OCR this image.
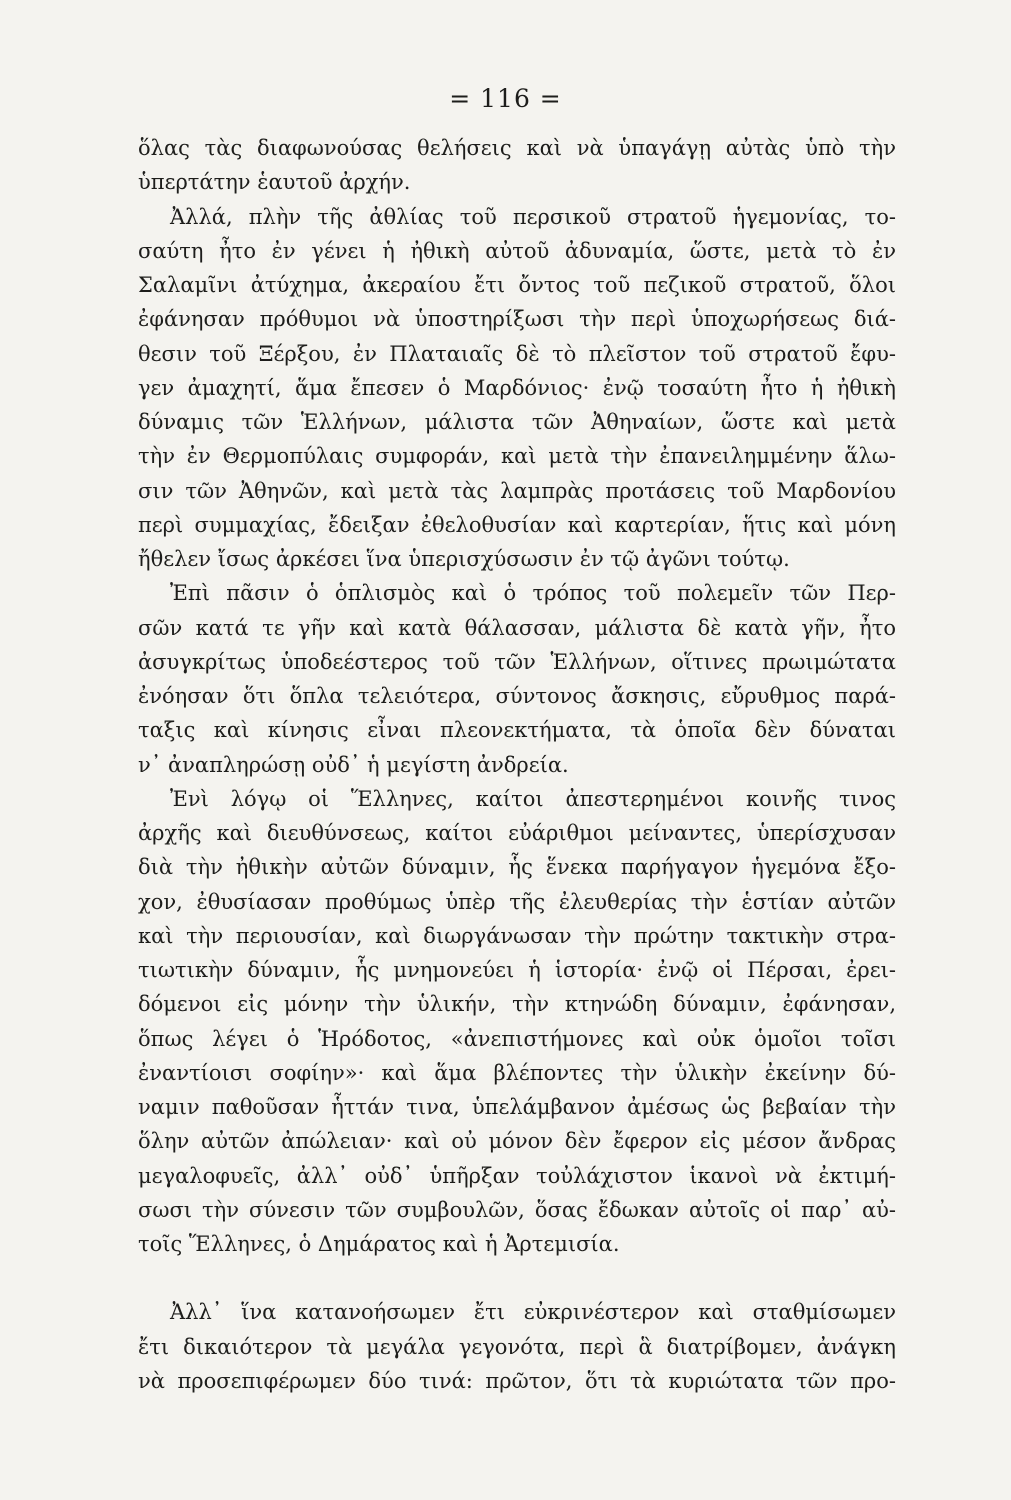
= 116 =
ὅλας τὰς διαφωνούσας θελήσεις καὶ νὰ ὑπαγάγῃ αὐτὰς ὑπὸ τὴν
ὑπερτάτην ἑαυτοῦ ἀρχήν.
Ἀλλά, πλὴν τῆς ἀθλίας τοῦ περσικοῦ στρατοῦ ἡγεμονίας, το-
σαύτη ἦτο ἐν γένει ἡ ἠθικὴ αὐτοῦ ἀδυναμία, ὥστε, μετὰ τὸ ἐν
Σαλαμῖνι ἀτύχημα, ἀκεραίου ἔτι ὄντος τοῦ πεζικοῦ στρατοῦ, ὅλοι
ἐφάνησαν πρόθυμοι νὰ ὑποστηρίξωσι τὴν περὶ ὑποχωρήσεως διά-
θεσιν τοῦ Ξέρξου, ἐν Πλαταιαῖς δὲ τὸ πλεῖστον τοῦ στρατοῦ ἔφυ-
γεν ἀμαχητί, ἅμα ἔπεσεν ὁ Μαρδόνιος· ἐνῷ τοσαύτη ἦτο ἡ ἠθικὴ
δύναμις τῶν Ἑλλήνων, μάλιστα τῶν Ἀθηναίων, ὥστε καὶ μετὰ
τὴν ἐν Θερμοπύλαις συμφοράν, καὶ μετὰ τὴν ἐπανειλημμένην ἅλω-
σιν τῶν Ἀθηνῶν, καὶ μετὰ τὰς λαμπρὰς προτάσεις τοῦ Μαρδονίου
περὶ συμμαχίας, ἔδειξαν ἐθελοθυσίαν καὶ καρτερίαν, ἥτις καὶ μόνη
ἤθελεν ἴσως ἀρκέσει ἵνα ὑπερισχύσωσιν ἐν τῷ ἀγῶνι τούτῳ.
Ἐπὶ πᾶσιν ὁ ὁπλισμὸς καὶ ὁ τρόπος τοῦ πολεμεῖν τῶν Περ-
σῶν κατά τε γῆν καὶ κατὰ θάλασσαν, μάλιστα δὲ κατὰ γῆν, ἦτο
ἀσυγκρίτως ὑποδεέστερος τοῦ τῶν Ἑλλήνων, οἵτινες πρωιμώτατα
ἐνόησαν ὅτι ὅπλα τελειότερα, σύντονος ἄσκησις, εὔρυθμος παρά-
ταξις καὶ κίνησις εἶναι πλεονεκτήματα, τὰ ὁποῖα δὲν δύναται
ν᾽ ἀναπληρώσῃ οὐδ᾽ ἡ μεγίστη ἀνδρεία.
Ἐνὶ λόγῳ οἱ Ἕλληνες, καίτοι ἀπεστερημένοι κοινῆς τινος
ἀρχῆς καὶ διευθύνσεως, καίτοι εὐάριθμοι μείναντες, ὑπερίσχυσαν
διὰ τὴν ἠθικὴν αὐτῶν δύναμιν, ἧς ἕνεκα παρήγαγον ἡγεμόνα ἔξο-
χον, ἐθυσίασαν προθύμως ὑπὲρ τῆς ἐλευθερίας τὴν ἑστίαν αὐτῶν
καὶ τὴν περιουσίαν, καὶ διωργάνωσαν τὴν πρώτην τακτικὴν στρα-
τιωτικὴν δύναμιν, ἧς μνημονεύει ἡ ἱστορία· ἐνῷ οἱ Πέρσαι, ἐρει-
δόμενοι εἰς μόνην τὴν ὑλικήν, τὴν κτηνώδη δύναμιν, ἐφάνησαν,
ὅπως λέγει ὁ Ἡρόδοτος, «ἀνεπιστήμονες καὶ οὐκ ὁμοῖοι τοῖσι
ἐναντίοισι σοφίην»· καὶ ἅμα βλέποντες τὴν ὑλικὴν ἐκείνην δύ-
ναμιν παθοῦσαν ἧττάν τινα, ὑπελάμβανον ἀμέσως ὡς βεβαίαν τὴν
ὅλην αὐτῶν ἀπώλειαν· καὶ οὐ μόνον δὲν ἔφερον εἰς μέσον ἄνδρας
μεγαλοφυεῖς, ἀλλ᾽ οὐδ᾽ ὑπῆρξαν τοὐλάχιστον ἱκανοὶ νὰ ἐκτιμή-
σωσι τὴν σύνεσιν τῶν συμβουλῶν, ὅσας ἔδωκαν αὐτοῖς οἱ παρ᾽ αὐ-
τοῖς Ἕλληνες, ὁ Δημάρατος καὶ ἡ Ἀρτεμισία.
Ἀλλ᾽ ἵνα κατανοήσωμεν ἔτι εὐκρινέστερον καὶ σταθμίσωμεν
ἔτι δικαιότερον τὰ μεγάλα γεγονότα, περὶ ἃ διατρίβομεν, ἀνάγκη
νὰ προσεπιφέρωμεν δύο τινά: πρῶτον, ὅτι τὰ κυριώτατα τῶν προ-
